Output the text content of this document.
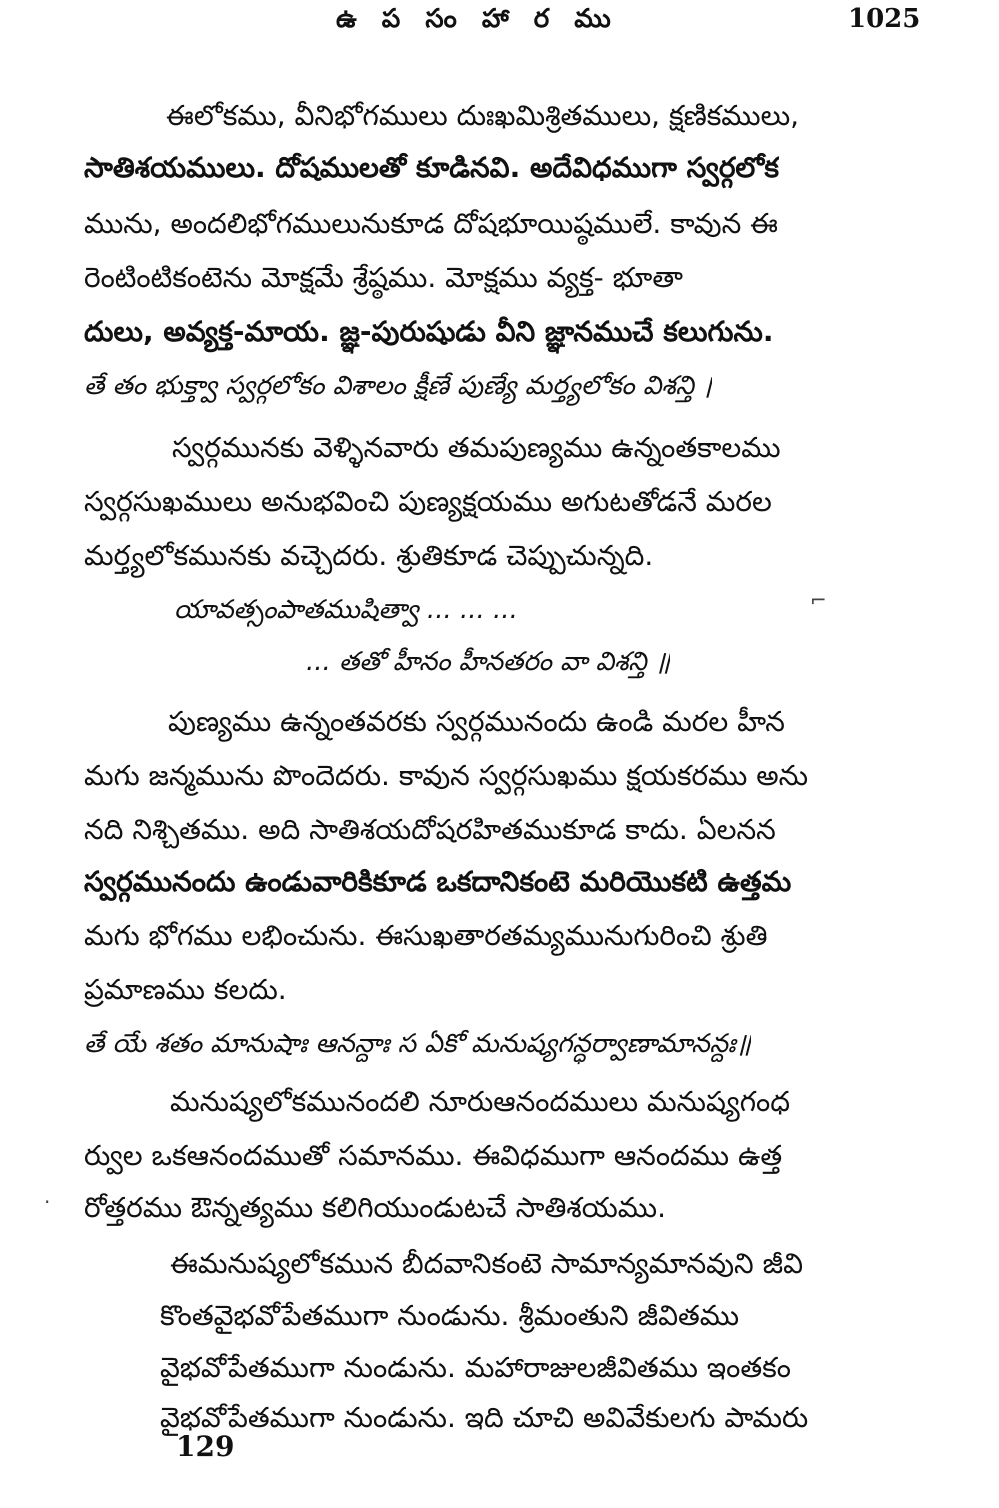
ఉ ప సం హా ర ము	1025
ఈలోకము, వీనిభోగములు దుఃఖమిశ్రితములు, క్షణికములు,
సాతిశయములు. దోషములతో కూడినవి. అదేవిధముగా స్వర్గలోక
మును, అందలిభోగములునుకూడ దోషభూయిష్ఠములే. కావున ఈ
రెంటింటికంటెను మోక్షమే శ్రేష్ఠము. మోక్షము వ్యక్త- భూతా
దులు, అవ్యక్త-మాయ. జ్ఞ-పురుషుడు వీని జ్ఞానముచే కలుగును.
తే తం భుక్త్వా స్వర్గలోకం విశాలం క్షీణే పుణ్యే మర్త్యలోకం విశన్తి ।
స్వర్గమునకు వెళ్ళినవారు తమపుణ్యము ఉన్నంతకాలము
స్వర్గసుఖములు అనుభవించి పుణ్యక్షయము అగుటతోడనే మరల
మర్త్యలోకమునకు వచ్చెదరు. శ్రుతికూడ చెప్పుచున్నది.
యావత్సంపాతముషిత్వా ... ... ...
... తతో హీనం హీనతరం వా విశన్తి ॥
పుణ్యము ఉన్నంతవరకు స్వర్గమునందు ఉండి మరల హీన
మగు జన్మమును పొందెదరు. కావున స్వర్గసుఖము క్షయకరము అను
నది నిశ్చితము. అది సాతిశయదోషరహితముకూడ కాదు. ఏలనన
స్వర్గమునందు ఉండువారికికూడ ఒకదానికంటె మరియొకటి ఉత్తమ
మగు భోగము లభించును. ఈసుఖతారతమ్యమునుగురించి శ్రుతి
ప్రమాణము కలదు.
తే యే శతం మానుషాః ఆనన్దాః స ఏకో మనుష్యగన్ధర్వాణామానన్దః॥
మనుష్యలోకమునందలి నూరుఆనందములు మనుష్యగంధ
ర్వుల ఒకఆనందముతో సమానము. ఈవిధముగా ఆనందము ఉత్త
రోత్తరము ఔన్నత్యము కలిగియుండుటచే సాతిశయము.
ఈమనుష్యలోకమున బీదవానికంటె సామాన్యమానవుని జీవి
కొంతవైభవోపేతముగా నుండును. శ్రీమంతుని జీవితము
వైభవోపేతముగా నుండును. మహారాజులజీవితము ఇంతకం
వైభవోపేతముగా నుండును. ఇది చూచి అవివేకులగు పామరు
129
·
⌐
